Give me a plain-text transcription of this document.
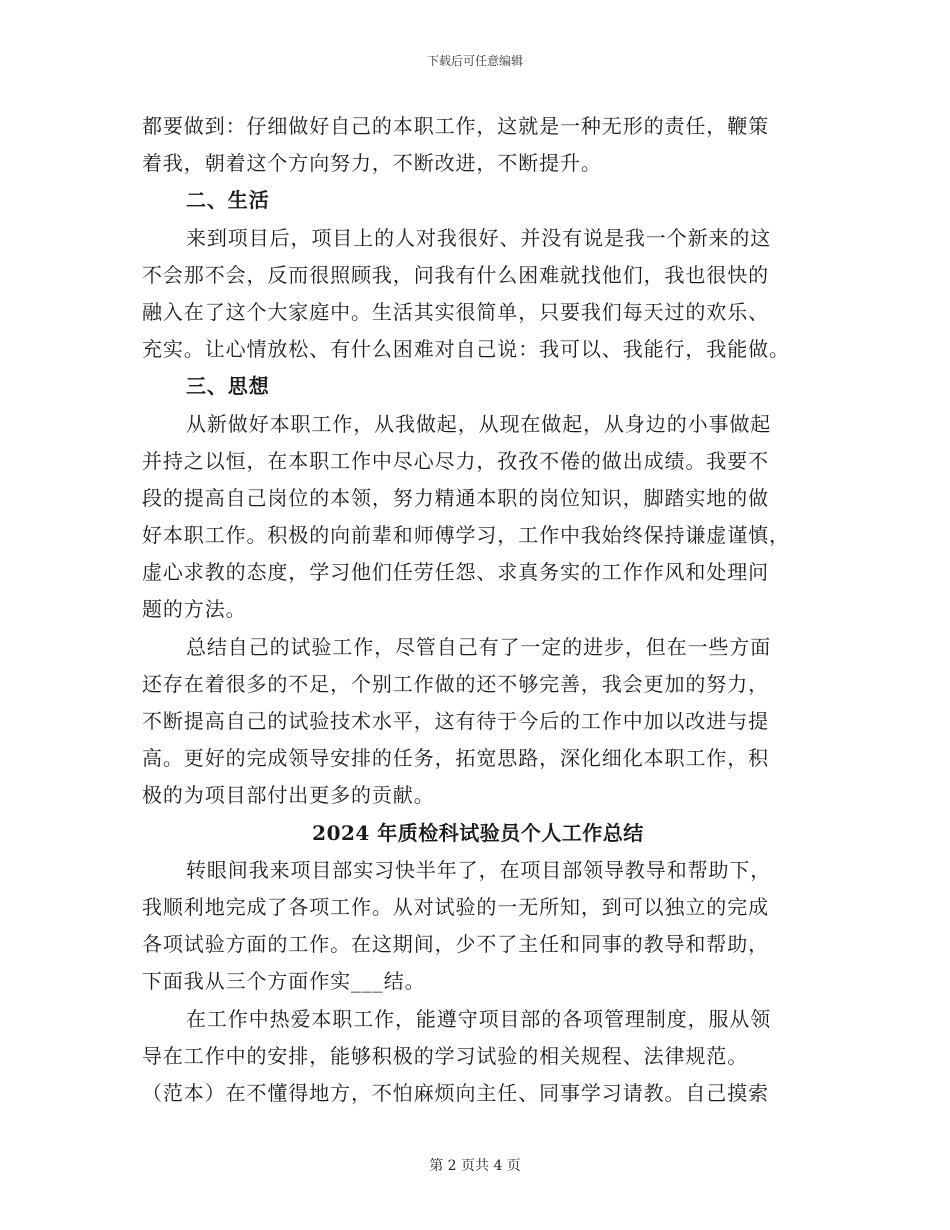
下载后可任意编辑
都要做到：仔细做好自己的本职工作，这就是一种无形的责任，鞭策
着我，朝着这个方向努力，不断改进，不断提升。
二、生活
来到项目后，项目上的人对我很好、并没有说是我一个新来的这
不会那不会，反而很照顾我，问我有什么困难就找他们，我也很快的
融入在了这个大家庭中。生活其实很简单，只要我们每天过的欢乐、
充实。让心情放松、有什么困难对自己说：我可以、我能行，我能做。
三、思想
从新做好本职工作，从我做起，从现在做起，从身边的小事做起
并持之以恒，在本职工作中尽心尽力，孜孜不倦的做出成绩。我要不
段的提高自己岗位的本领，努力精通本职的岗位知识，脚踏实地的做
好本职工作。积极的向前辈和师傅学习，工作中我始终保持谦虚谨慎，
虚心求教的态度，学习他们任劳任怨、求真务实的工作作风和处理问
题的方法。
总结自己的试验工作，尽管自己有了一定的进步，但在一些方面
还存在着很多的不足，个别工作做的还不够完善，我会更加的努力，
不断提高自己的试验技术水平，这有待于今后的工作中加以改进与提
高。更好的完成领导安排的任务，拓宽思路，深化细化本职工作，积
极的为项目部付出更多的贡献。
2024 年质检科试验员个人工作总结
转眼间我来项目部实习快半年了，在项目部领导教导和帮助下，
我顺利地完成了各项工作。从对试验的一无所知，到可以独立的完成
各项试验方面的工作。在这期间，少不了主任和同事的教导和帮助，
下面我从三个方面作实___结。
在工作中热爱本职工作，能遵守项目部的各项管理制度，服从领
导在工作中的安排，能够积极的学习试验的相关规程、法律规范。
（范本）在不懂得地方，不怕麻烦向主任、同事学习请教。自己摸索
第 2 页共 4 页
